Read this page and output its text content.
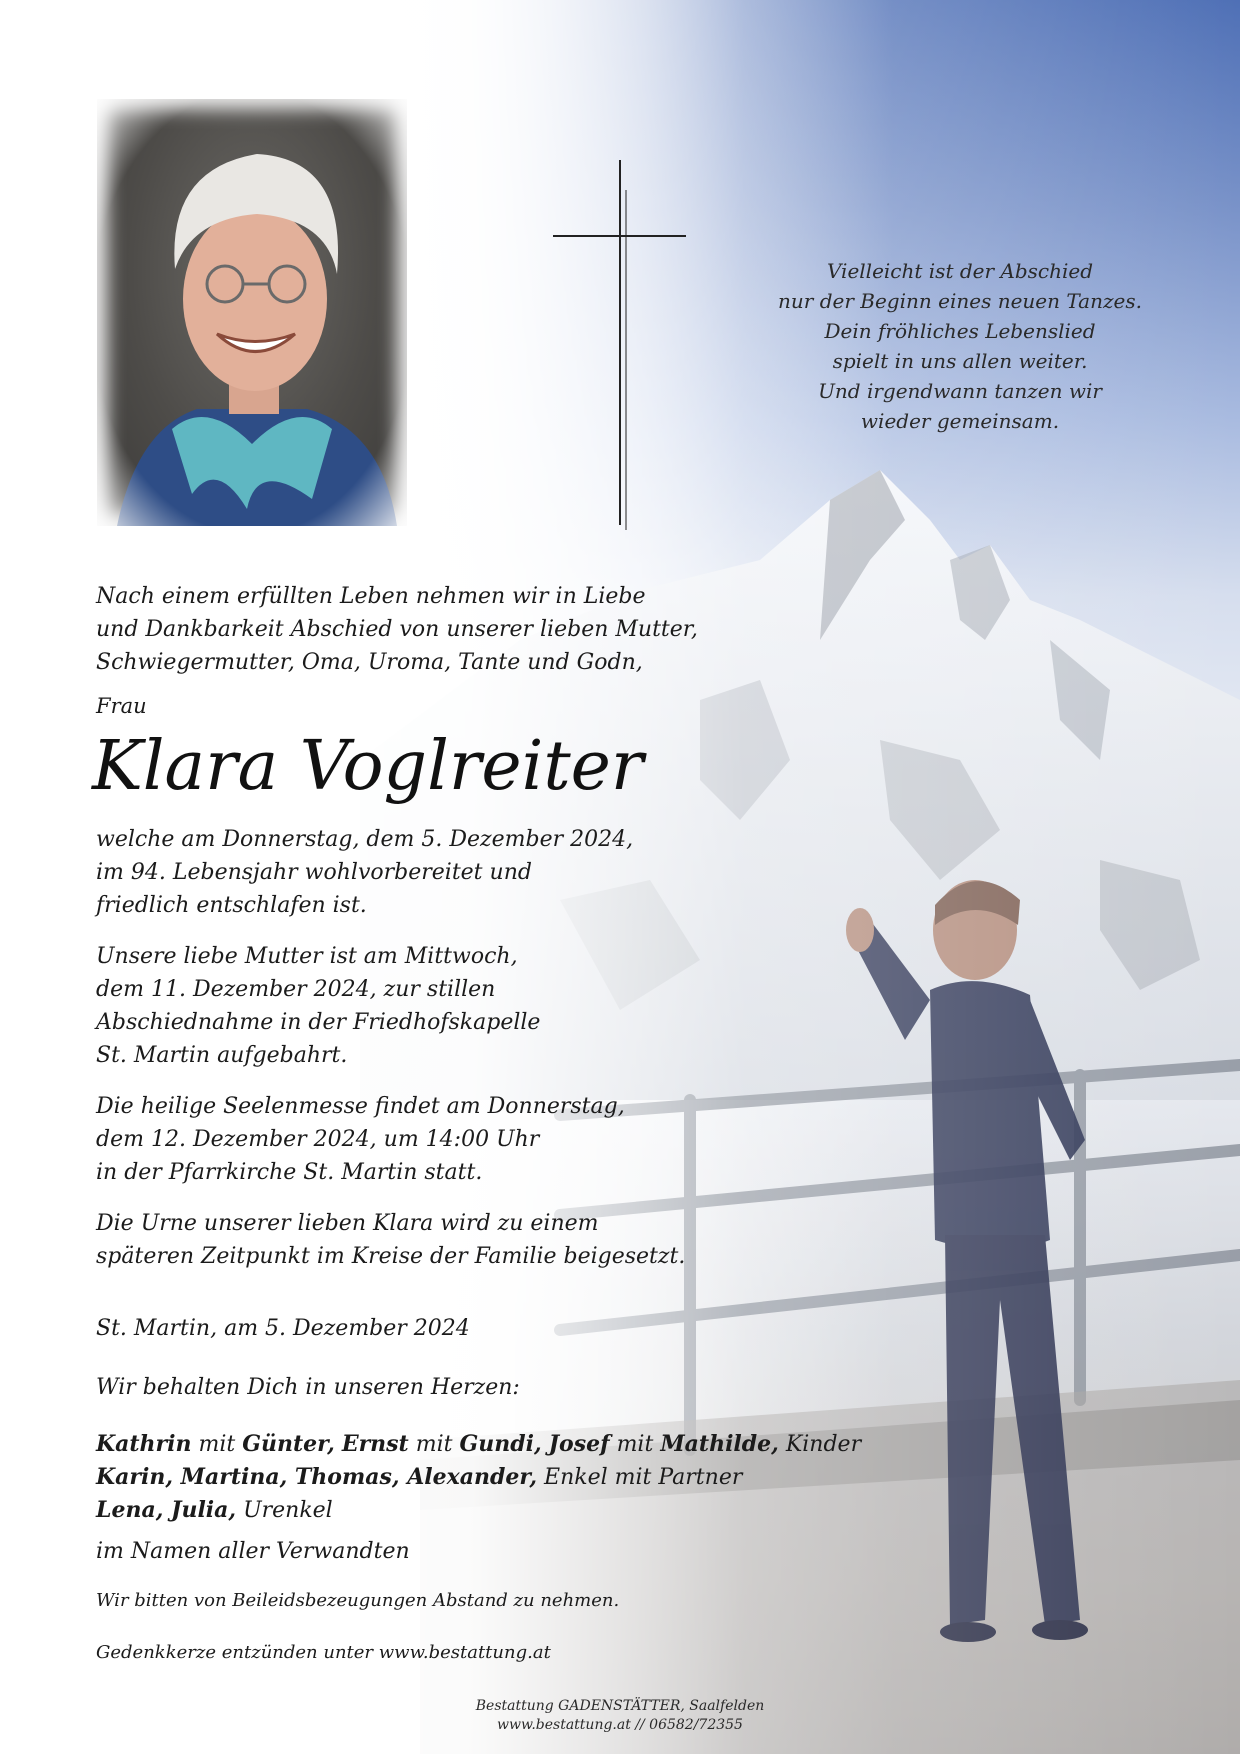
Vielleicht ist der Abschied
nur der Beginn eines neuen Tanzes.
Dein fröhliches Lebenslied
spielt in uns allen weiter.
Und irgendwann tanzen wir
wieder gemeinsam.

Nach einem erfüllten Leben nehmen wir in Liebe
und Dankbarkeit Abschied von unserer lieben Mutter,
Schwiegermutter, Oma, Uroma, Tante und Godn,

Frau
Klara Voglreiter

welche am Donnerstag, dem 5. Dezember 2024,
im 94. Lebensjahr wohlvorbereitet und
friedlich entschlafen ist.

Unsere liebe Mutter ist am Mittwoch,
dem 11. Dezember 2024, zur stillen
Abschiednahme in der Friedhofskapelle
St. Martin aufgebahrt.

Die heilige Seelenmesse findet am Donnerstag,
dem 12. Dezember 2024, um 14:00 Uhr
in der Pfarrkirche St. Martin statt.

Die Urne unserer lieben Klara wird zu einem
späteren Zeitpunkt im Kreise der Familie beigesetzt.

St. Martin, am 5. Dezember 2024

Wir behalten Dich in unseren Herzen:

Kathrin mit Günter, Ernst mit Gundi, Josef mit Mathilde, Kinder
Karin, Martina, Thomas, Alexander, Enkel mit Partner
Lena, Julia, Urenkel
im Namen aller Verwandten

Wir bitten von Beileidsbezeugungen Abstand zu nehmen.
Gedenkkerze entzünden unter www.bestattung.at
Bestattung GADENSTÄTTER, Saalfelden
www.bestattung.at // 06582/72355
